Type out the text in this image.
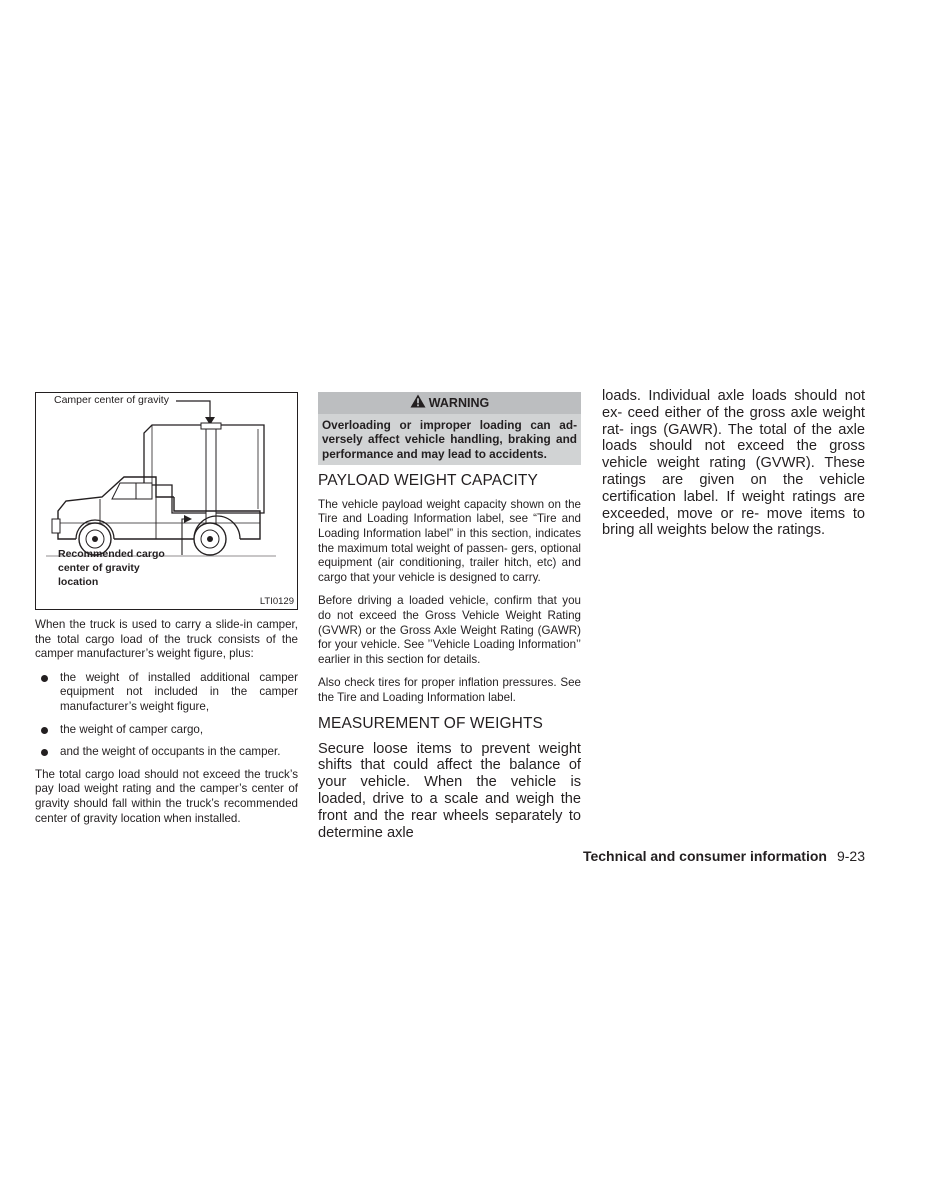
Camper center of gravity
Recommended cargo
center of gravity
location
LTI0129

When the truck is used to carry a slide-in camper, the total cargo load of the truck consists of the camper manufacturer’s weight figure, plus:

the weight of installed additional camper equipment not included in the camper manufacturer’s weight figure,
the weight of camper cargo,
and the weight of occupants in the camper.

The total cargo load should not exceed the truck’s pay load weight rating and the camper’s center of gravity should fall within the truck’s recommended center of gravity location when installed.

WARNING
Overloading or improper loading can ad- versely affect vehicle handling, braking and performance and may lead to accidents.
PAYLOAD WEIGHT CAPACITY

The vehicle payload weight capacity shown on the Tire and Loading Information label, see “Tire and Loading Information label” in this section, indicates the maximum total weight of passen- gers, optional equipment (air conditioning, trailer hitch, etc) and cargo that your vehicle is designed to carry.

Before driving a loaded vehicle, confirm that you do not exceed the Gross Vehicle Weight Rating (GVWR) or the Gross Axle Weight Rating (GAWR) for your vehicle. See ’’Vehicle Loading Information’’ earlier in this section for details.

Also check tires for proper inflation pressures. See the Tire and Loading Information label.

MEASUREMENT OF WEIGHTS

Secure loose items to prevent weight shifts that could affect the balance of your vehicle. When the vehicle is loaded, drive to a scale and weigh the front and the rear wheels separately to determine axle

loads. Individual axle loads should not ex- ceed either of the gross axle weight rat- ings (GAWR). The total of the axle loads should not exceed the gross vehicle weight rating (GVWR). These ratings are given on the vehicle certification label. If weight ratings are exceeded, move or re- move items to bring all weights below the ratings.

Technical and consumer information 9-23
